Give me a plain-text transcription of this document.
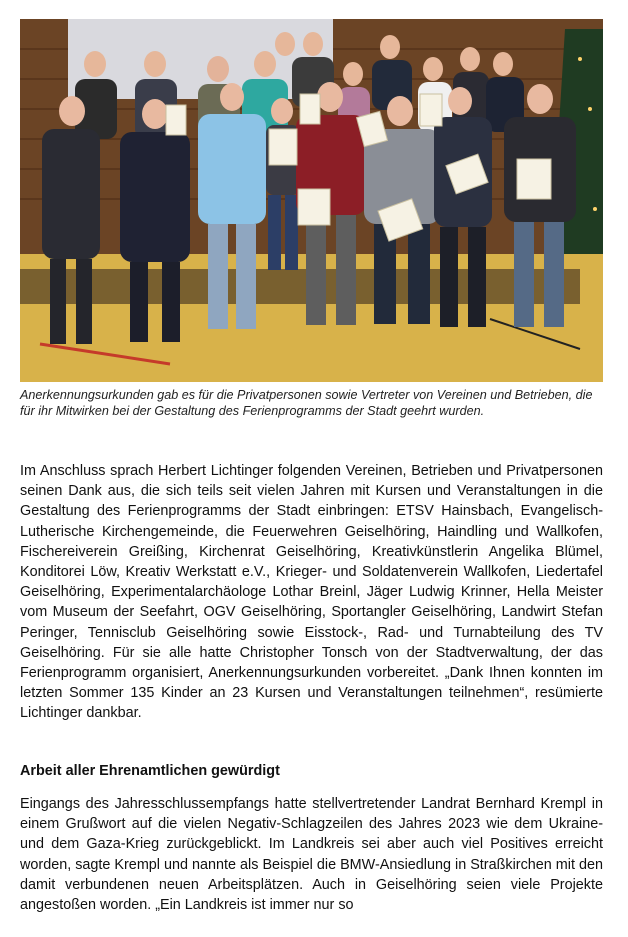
Anerkennungsurkunden gab es für die Privatpersonen sowie Vertreter von Vereinen und Betrieben, die für ihr Mitwirken bei der Gestaltung des Ferienprogramms der Stadt geehrt wurden.

Im Anschluss sprach Herbert Lichtinger folgenden Vereinen, Betrieben und Privatpersonen seinen Dank aus, die sich teils seit vielen Jahren mit Kursen und Veranstaltungen in die Gestaltung des Ferienprogramms der Stadt einbringen: ETSV Hainsbach, Evangelisch-Lutherische Kirchengemeinde, die Feuerwehren Geiselhöring, Haindling und Wallkofen, Fischereiverein Greißing, Kirchenrat Geiselhöring, Kreativkünstlerin Angelika Blümel, Konditorei Löw, Kreativ Werkstatt e.V., Krieger- und Soldatenverein Wallkofen, Liedertafel Geiselhöring, Experimentalarchäologe Lothar Breinl, Jäger Ludwig Krinner, Hella Meister vom Museum der Seefahrt, OGV Geiselhöring, Sportangler Geiselhöring, Landwirt Stefan Peringer, Tennisclub Geiselhöring sowie Eisstock-, Rad- und Turnabteilung des TV Geiselhöring. Für sie alle hatte Christopher Tonsch von der Stadtverwaltung, der das Ferienprogramm organisiert, Anerkennungsurkunden vorbereitet. „Dank Ihnen konnten im letzten Sommer 135 Kinder an 23 Kursen und Veranstaltungen teilnehmen“, resümierte Lichtinger dankbar.

Arbeit aller Ehrenamtlichen gewürdigt

Eingangs des Jahresschlussempfangs hatte stellvertretender Landrat Bernhard Krempl in einem Grußwort auf die vielen Negativ-Schlagzeilen des Jahres 2023 wie dem Ukraine- und dem Gaza-Krieg zurückgeblickt. Im Landkreis sei aber auch viel Positives erreicht worden, sagte Krempl und nannte als Beispiel die BMW-Ansiedlung in Straßkirchen mit den damit verbundenen neuen Arbeitsplätzen. Auch in Geiselhöring seien viele Projekte angestoßen worden. „Ein Landkreis ist immer nur so
